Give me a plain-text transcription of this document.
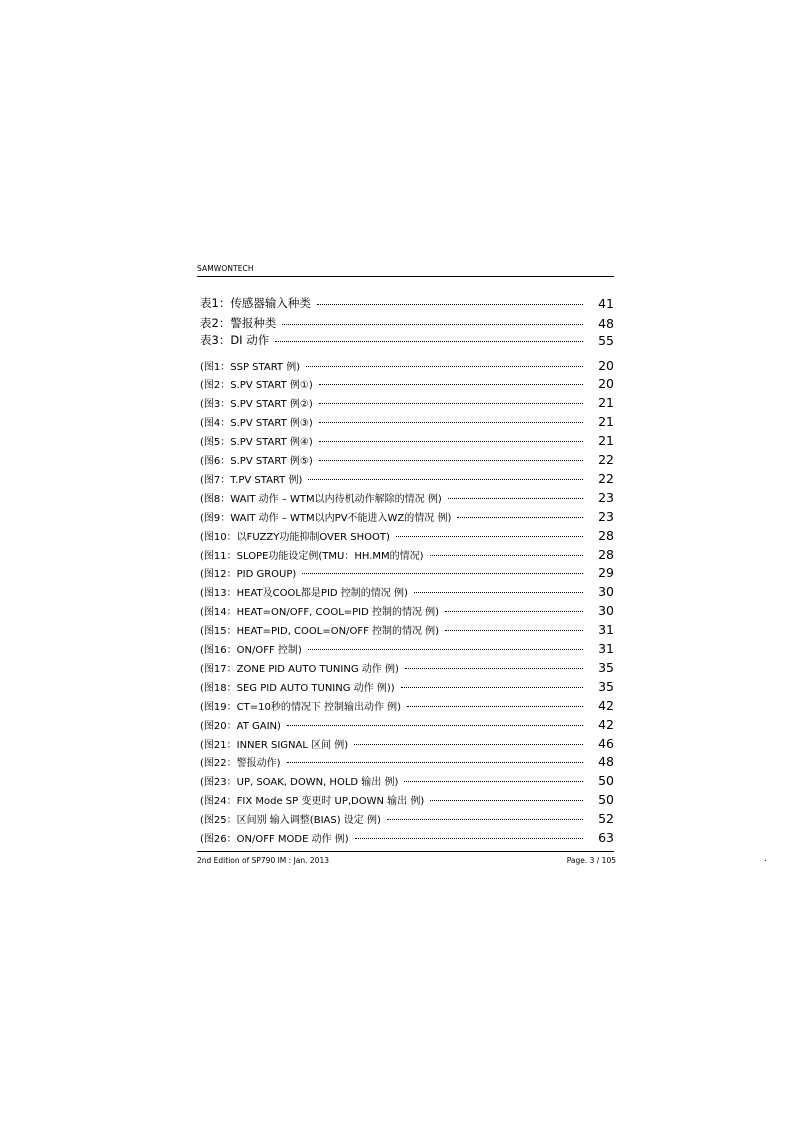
SAMWONTECH
表1：传感器输入种类	41
表2：警报种类	48
表3：DI 动作	55
(图1：SSP START 例)	20
(图2：S.PV START 例①)	20
(图3：S.PV START 例②)	21
(图4：S.PV START 例③)	21
(图5：S.PV START 例④)	21
(图6：S.PV START 例⑤)	22
(图7：T.PV START 例)	22
(图8：WAIT 动作 – WTM以内待机动作解除的情况 例)	23
(图9：WAIT 动作 – WTM以内PV不能进入WZ的情况 例)	23
(图10：以FUZZY功能抑制OVER SHOOT)	28
(图11：SLOPE功能设定例(TMU：HH.MM的情况)	28
(图12：PID GROUP)	29
(图13：HEAT及COOL都是PID 控制的情况 例)	30
(图14：HEAT=ON/OFF, COOL=PID 控制的情况 例)	30
(图15：HEAT=PID, COOL=ON/OFF 控制的情况 例)	31
(图16：ON/OFF 控制)	31
(图17：ZONE PID AUTO TUNING 动作 例)	35
(图18：SEG PID AUTO TUNING 动作 例))	35
(图19：CT=10秒的情况下 控制输出动作 例)	42
(图20：AT GAIN)	42
(图21：INNER SIGNAL 区间 例)	46
(图22：警报动作)	48
(图23：UP, SOAK, DOWN, HOLD 输出 例)	50
(图24：FIX Mode SP 变更时 UP,DOWN 输出 例)	50
(图25：区间别 输入调整(BIAS) 设定 例)	52
(图26：ON/OFF MODE 动作 例)	63
2nd Edition of SP790 IM : Jan. 2013	Page. 3 / 105	.
